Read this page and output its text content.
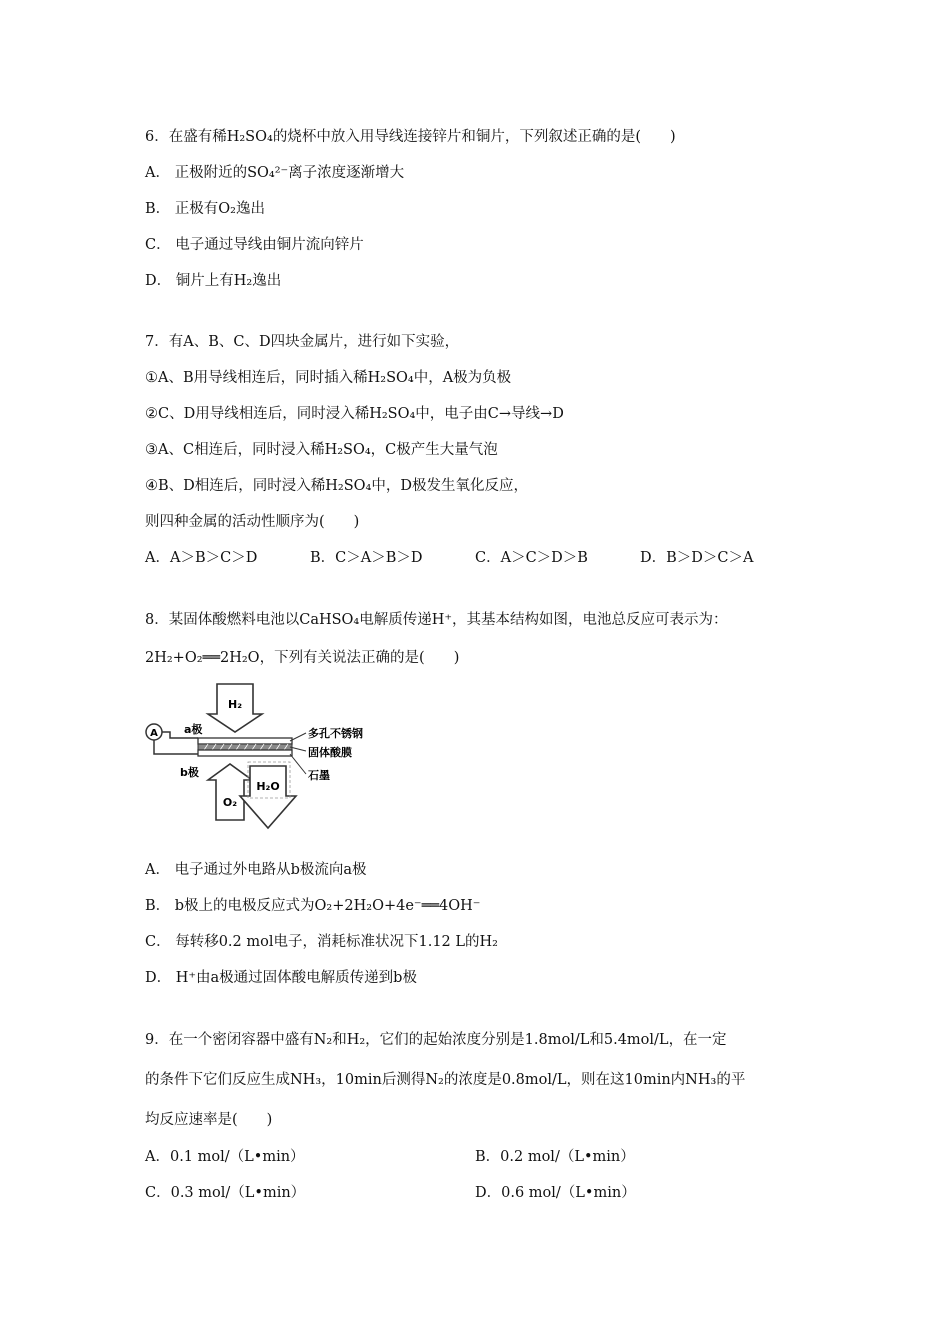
6．在盛有稀H₂SO₄的烧杯中放入用导线连接锌片和铜片，下列叙述正确的是(　　)
A． 正极附近的SO₄²⁻离子浓度逐渐增大
B． 正极有O₂逸出
C． 电子通过导线由铜片流向锌片
D． 铜片上有H₂逸出
7．有A、B、C、D四块金属片，进行如下实验，
①A、B用导线相连后，同时插入稀H₂SO₄中，A极为负极
②C、D用导线相连后，同时浸入稀H₂SO₄中，电子由C→导线→D
③A、C相连后，同时浸入稀H₂SO₄，C极产生大量气泡
④B、D相连后，同时浸入稀H₂SO₄中，D极发生氧化反应，
则四种金属的活动性顺序为(　　)
A．A＞B＞C＞D	B．C＞A＞B＞D	C．A＞C＞D＞B	D．B＞D＞C＞A
8．某固体酸燃料电池以CaHSO₄电解质传递H⁺，其基本结构如图，电池总反应可表示为：
2H₂+O₂══2H₂O，下列有关说法正确的是(　　)
H₂
A a极
b极
多孔不锈钢
固体酸膜
石墨
O₂
H₂O
A． 电子通过外电路从b极流向a极
B． b极上的电极反应式为O₂+2H₂O+4e⁻══4OH⁻
C． 每转移0.2 mol电子，消耗标准状况下1.12 L的H₂
D． H⁺由a极通过固体酸电解质传递到b极
9．在一个密闭容器中盛有N₂和H₂，它们的起始浓度分别是1.8mol/L和5.4mol/L，在一定
的条件下它们反应生成NH₃，10min后测得N₂的浓度是0.8mol/L，则在这10min内NH₃的平
均反应速率是(　　)
A．0.1 mol/（L•min）	B．0.2 mol/（L•min）
C．0.3 mol/（L•min）	D．0.6 mol/（L•min）
